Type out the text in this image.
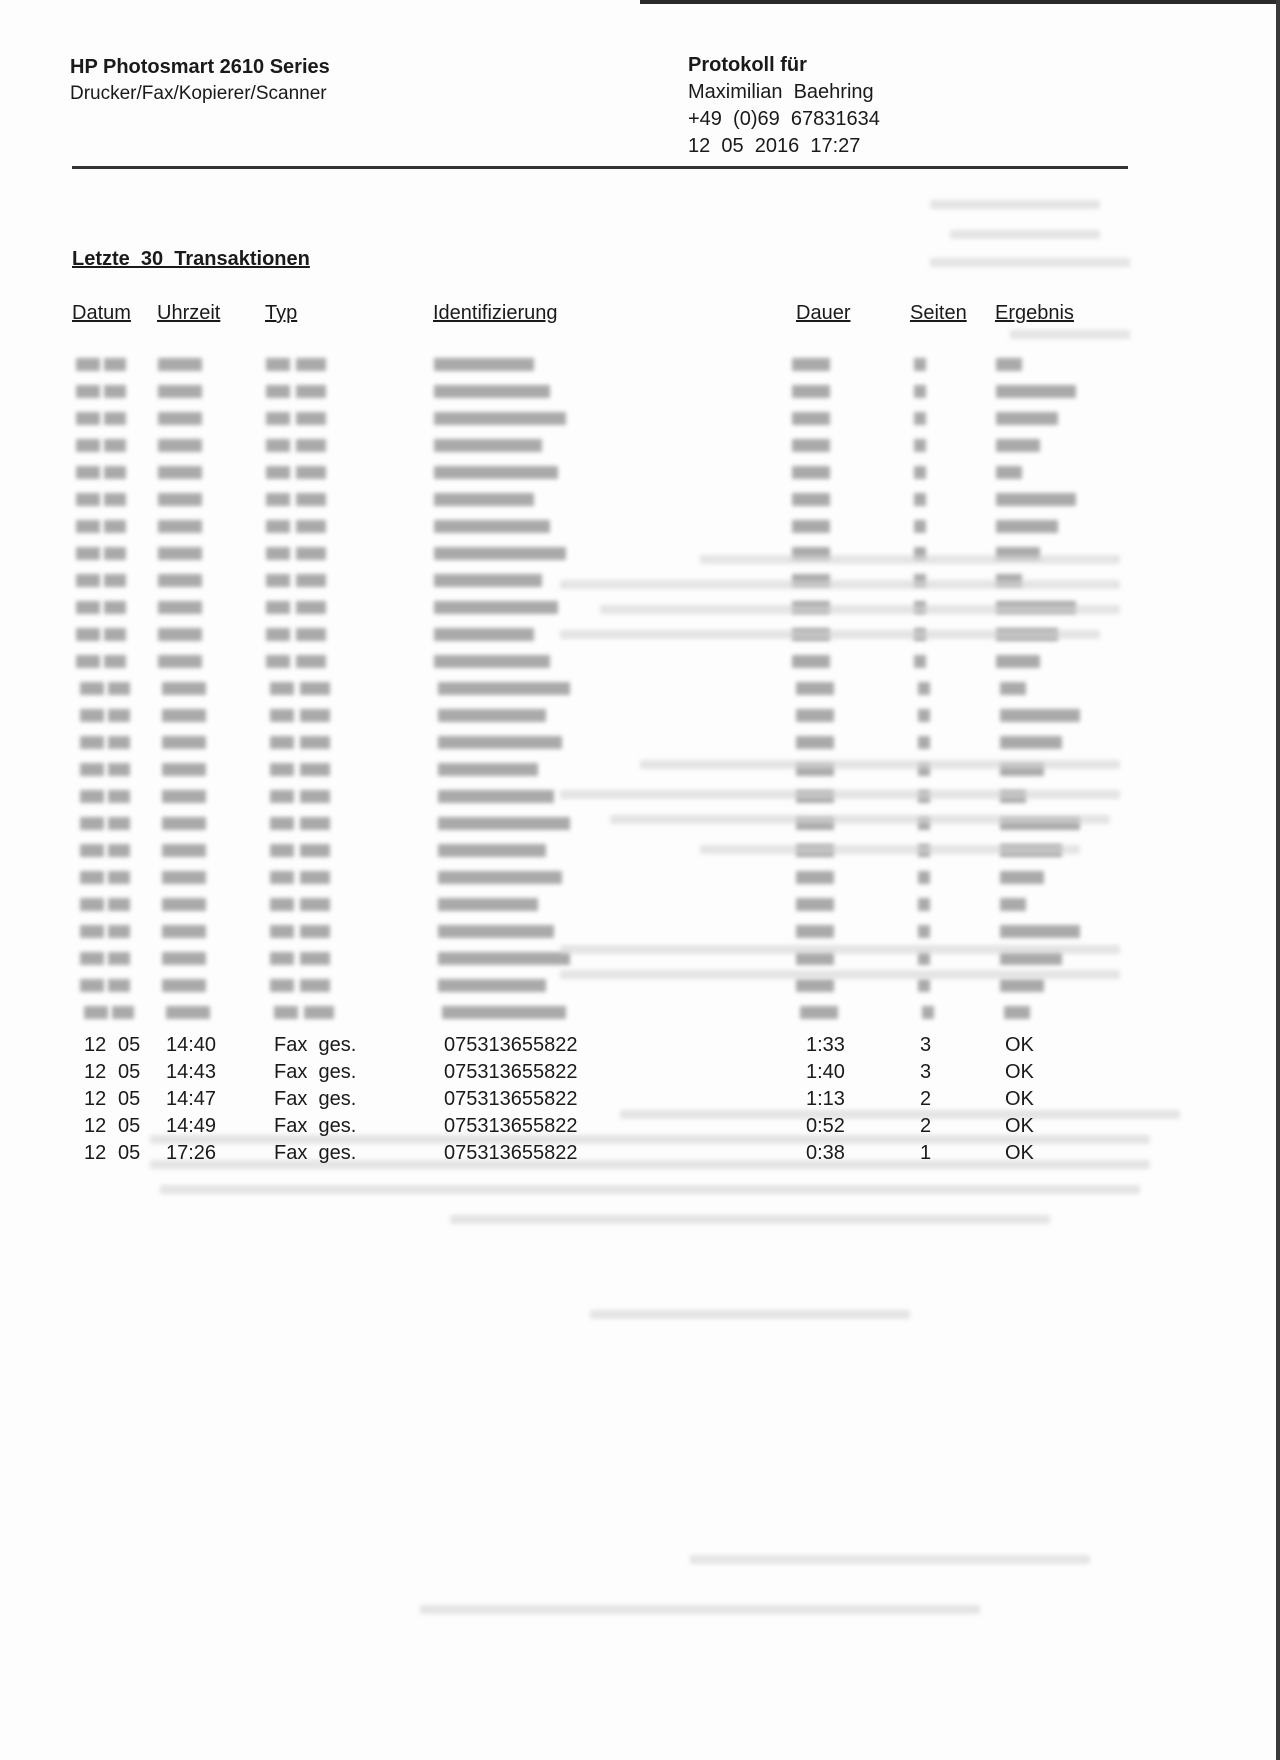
HP Photosmart 2610 Series
Drucker/Fax/Kopierer/Scanner
Protokoll für
Maximilian  Baehring
+49  (0)69  67831634
12  05  2016  17:27
Letzte  30  Transaktionen
Datum Uhrzeit Typ	Identifizierung	Dauer	Seiten Ergebnis
12 05 14:40	Fax  ges.	075313655822	1:33	3	OK
12 05 14:43	Fax  ges.	075313655822	1:40	3	OK
12 05 14:47	Fax  ges.	075313655822	1:13	2	OK
12 05 14:49	Fax  ges.	075313655822	0:52	2	OK
12 05 17:26	Fax  ges.	075313655822	0:38	1	OK
